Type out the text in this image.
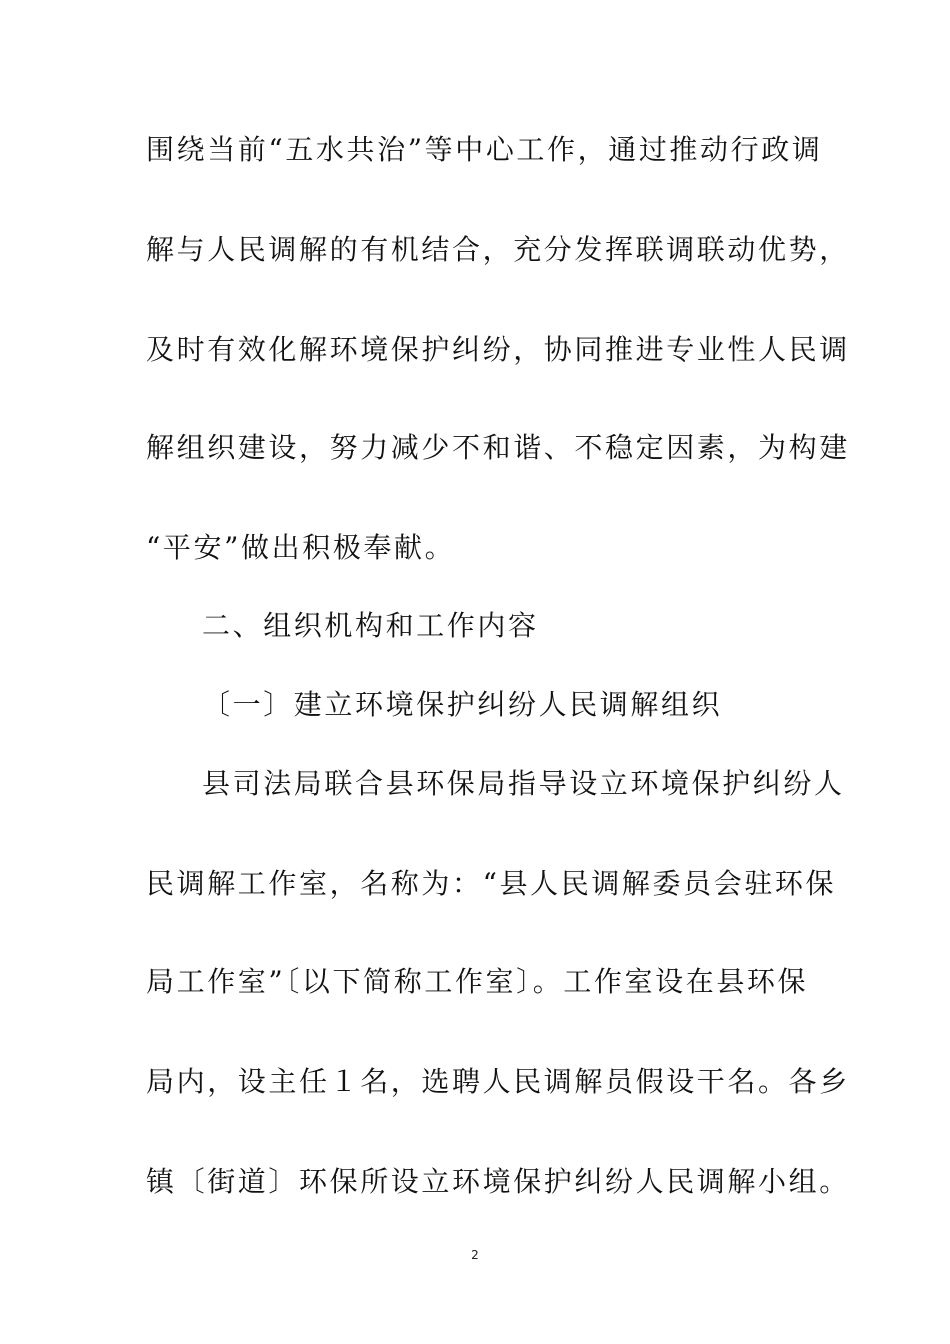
围绕当前“五水共治”等中心工作，通过推动行政调
解与人民调解的有机结合，充分发挥联调联动优势，
及时有效化解环境保护纠纷，协同推进专业性人民调
解组织建设，努力减少不和谐、不稳定因素，为构建
“平安”做出积极奉献。
二、组织机构和工作内容
〔一〕建立环境保护纠纷人民调解组织
县司法局联合县环保局指导设立环境保护纠纷人
民调解工作室，名称为：“县人民调解委员会驻环保
局工作室”〔以下简称工作室〕。工作室设在县环保
局内，设主任１名，选聘人民调解员假设干名。各乡
镇〔街道〕环保所设立环境保护纠纷人民调解小组。
2
